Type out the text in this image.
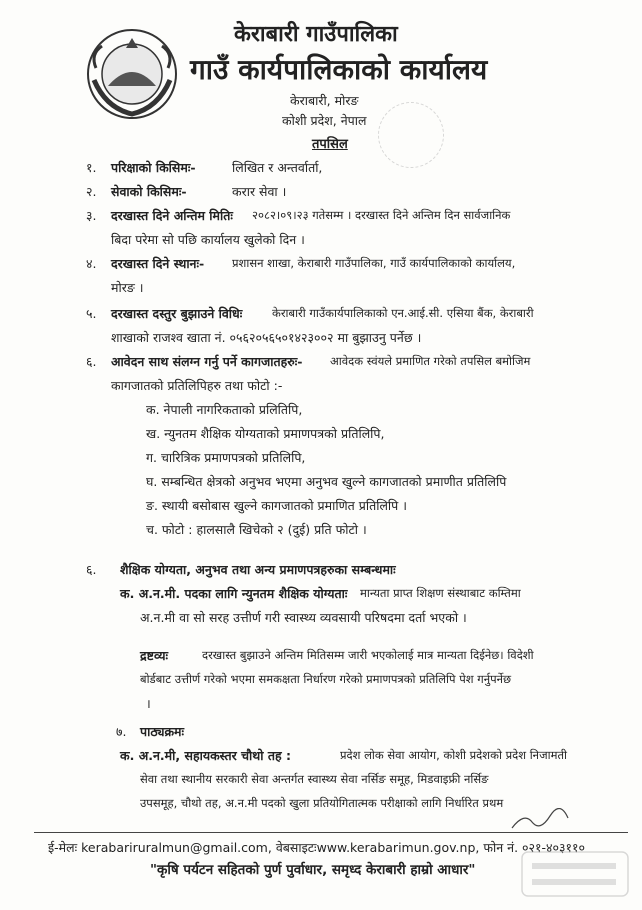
केराबारी गाउँपालिका
गाउँ कार्यपालिकाको कार्यालय
केराबारी, मोरङ
कोशी प्रदेश, नेपाल
तपसिल
१. परिक्षाको किसिमः-	लिखित र अन्तर्वार्ता,
२. सेवाको किसिमः-	करार सेवा ।
३. दरखास्त दिने अन्तिम मितिः २०८२।०९।२३ गतेसम्म । दरखास्त दिने अन्तिम दिन सार्वजानिक
बिदा परेमा सो पछि कार्यालय खुलेको दिन ।
४. दरखास्त दिने स्थानः- प्रशासन शाखा, केराबारी गाउँपालिका, गाउँ कार्यपालिकाको कार्यालय,
मोरङ ।
५. दरखास्त दस्तुर बुझाउने विधिः	केराबारी गाउँकार्यपालिकाको एन.आई.सी. एसिया बैंक, केराबारी
शाखाको राजश्व खाता नं. ०५६२०५६५०१४२३००२ मा बुझाउनु पर्नेछ ।
६. आवेदन साथ संलग्न गर्नु पर्ने कागजातहरुः- आवेदक स्वंयले प्रमाणित गरेको तपसिल बमोजिम
कागजातको प्रतिलिपिहरु तथा फोटो :-
क. नेपाली नागरिकताको प्रलितिपि,
ख. न्युनतम शैक्षिक योग्यताको प्रमाणपत्रको प्रतिलिपि,
ग. चारित्रिक प्रमाणपत्रको प्रतिलिपि,
घ. सम्बन्धित क्षेत्रको अनुभव भएमा अनुभव खुल्ने कागजातको प्रमाणीत प्रतिलिपि
ङ. स्थायी बसोबास खुल्ने कागजातको प्रमाणित प्रतिलिपि ।
च. फोटो : हालसालै खिचेको २ (दुई) प्रति फोटो ।
६. शैक्षिक योग्यता, अनुभव तथा अन्य प्रमाणपत्रहरुका सम्बन्धमाः
क. अ.न.मी. पदका लागि न्युनतम शैक्षिक योग्यताः मान्यता प्राप्त शिक्षण संस्थाबाट कम्तिमा
अ.न.मी वा सो सरह उत्तीर्ण गरी स्वास्थ्य व्यवसायी परिषदमा दर्ता भएको ।
द्रष्टव्यः	दरखास्त बुझाउने अन्तिम मितिसम्म जारी भएकोलाई मात्र मान्यता दिईनेछ। विदेशी
बोर्डबाट उत्तीर्ण गरेको भएमा समकक्षता निर्धारण गरेको प्रमाणपत्रको प्रतिलिपि पेश गर्नुपर्नेछ
।
७. पाठ्यक्रमः
क. अ.न.मी, सहायकस्तर चौथो तह :	प्रदेश लोक सेवा आयोग, कोशी प्रदेशको प्रदेश निजामती
सेवा तथा स्थानीय सरकारी सेवा अन्तर्गत स्वास्थ्य सेवा नर्सिङ समूह, मिडवाइफ्री नर्सिङ
उपसमूह, चौथो तह, अ.न.मी पदको खुला प्रतियोगितात्मक परीक्षाको लागि निर्धारित प्रथम
ई-मेलः kerabariruralmun@gmail.com, वेबसाइटःwww.kerabarimun.gov.np, फोन नं. ०२१-४०३११०
"कृषि पर्यटन सहितको पुर्ण पुर्वाधार, समृध्द केराबारी हाम्रो आधार"
